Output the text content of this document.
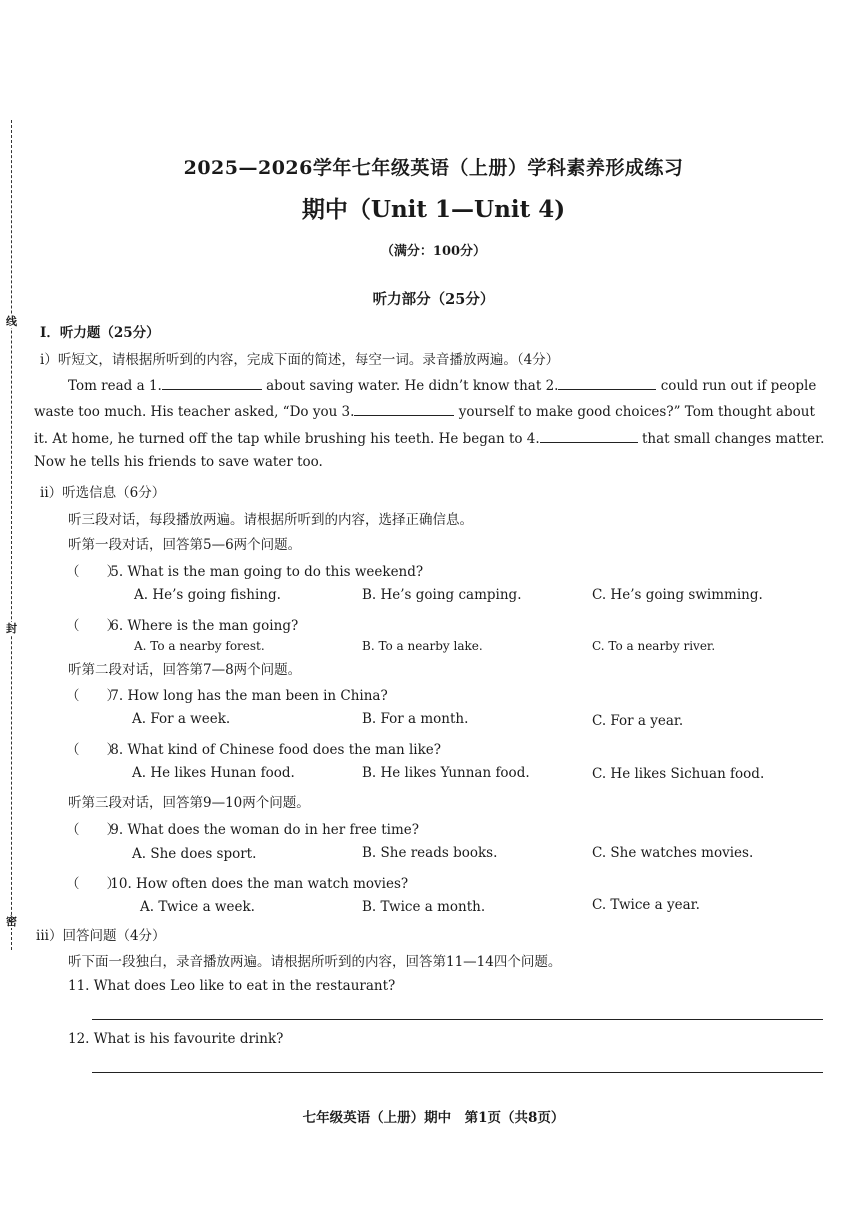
线
封
密
2025—2026学年七年级英语（上册）学科素养形成练习
期中（Unit 1—Unit 4)
（满分：100分）
听力部分（25分）
Ⅰ．听力题（25分）
i）听短文，请根据所听到的内容，完成下面的简述，每空一词。录音播放两遍。（4分）
Tom read a 1.	about saving water. He didn’t know that 2.	could run out if people
waste too much. His teacher asked, “Do you 3.	yourself to make good choices?” Tom thought about
it. At home, he turned off the tap while brushing his teeth. He began to 4.	that small changes matter.
Now he tells his friends to save water too.
ii）听选信息（6分）
听三段对话，每段播放两遍。请根据所听到的内容，选择正确信息。
听第一段对话，回答第5—6两个问题。
（　　） 5. What is the man going to do this weekend?
A. He’s going fishing.	B. He’s going camping.	C. He’s going swimming.
（　　） 6. Where is the man going?
A. To a nearby forest.	B. To a nearby lake.	C. To a nearby river.
听第二段对话，回答第7—8两个问题。
（　　） 7. How long has the man been in China?
A. For a week.	B. For a month.	C. For a year.
（　　） 8. What kind of Chinese food does the man like?
A. He likes Hunan food.	B. He likes Yunnan food.	C. He likes Sichuan food.
听第三段对话，回答第9—10两个问题。
（　　） 9. What does the woman do in her free time?
A. She does sport.	B. She reads books.	C. She watches movies.
（　　） 10. How often does the man watch movies?
A. Twice a week.	B. Twice a month.	C. Twice a year.
iii）回答问题（4分）
听下面一段独白，录音播放两遍。请根据所听到的内容，回答第11—14四个问题。
11. What does Leo like to eat in the restaurant?
12. What is his favourite drink?
七年级英语（上册）期中　第1页（共8页）
